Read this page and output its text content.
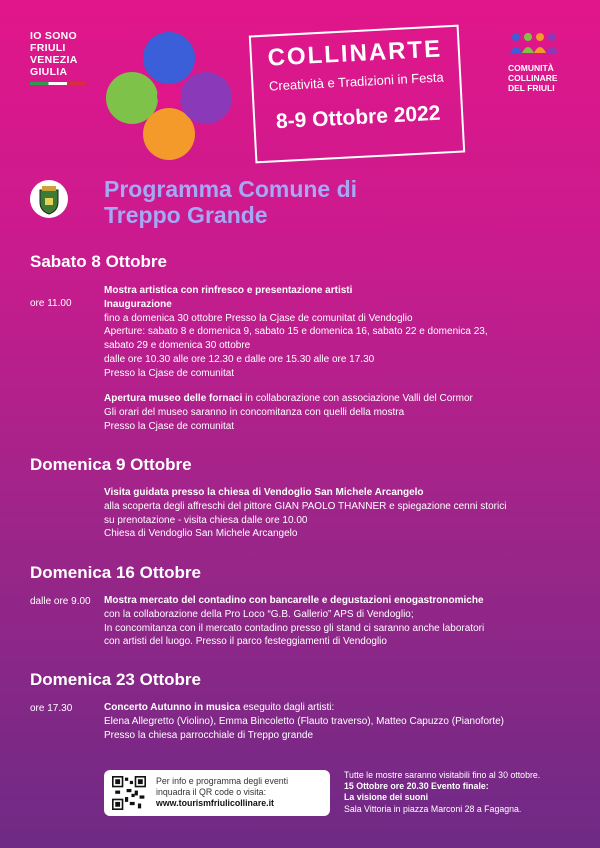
IO SONO
FRIULI
VENEZIA
GIULIA
COLLINARTE
Creatività e Tradizioni in Festa
8-9 Ottobre 2022
COMUNITÀ
COLLINARE
DEL FRIULI
Programma Comune di
Treppo Grande
Sabato 8 Ottobre
ore 11.00
Mostra artistica con rinfresco e presentazione artisti
Inaugurazione
fino a domenica 30 ottobre Presso la Cjase de comunitat di Vendoglio
Aperture: sabato 8 e domenica 9, sabato 15 e domenica 16, sabato 22 e domenica 23,
sabato 29 e domenica 30 ottobre
dalle ore 10.30 alle ore 12.30 e dalle ore 15.30 alle ore 17.30
Presso la Cjase de comunitat
Apertura museo delle fornaci in collaborazione con associazione Valli del Cormor
Gli orari del museo saranno in concomitanza con quelli della mostra
Presso la Cjase de comunitat
Domenica 9 Ottobre
Visita guidata presso la chiesa di Vendoglio San Michele Arcangelo
alla scoperta degli affreschi del pittore GIAN PAOLO THANNER e spiegazione cenni storici
su prenotazione - visita chiesa dalle ore 10.00
Chiesa di Vendoglio San Michele Arcangelo
Domenica 16 Ottobre
dalle ore 9.00 Mostra mercato del contadino con bancarelle e degustazioni enogastronomiche
con la collaborazione della Pro Loco “G.B. Gallerio” APS di Vendoglio;
In concomitanza con il mercato contadino presso gli stand ci saranno anche laboratori
con artisti del luogo. Presso il parco festeggiamenti di Vendoglio
Domenica 23 Ottobre
ore 17.30	Concerto Autunno in musica eseguito dagli artisti:
Elena Allegretto (Violino), Emma Bincoletto (Flauto traverso), Matteo Capuzzo (Pianoforte)
Presso la chiesa parrocchiale di Treppo grande
Per info e programma degli eventi
inquadra il QR code o visita:
www.tourismfriulicollinare.it
Tutte le mostre saranno visitabili fino al 30 ottobre.
15 Ottobre ore 20.30 Evento finale:
La visione dei suoni
Sala Vittoria in piazza Marconi 28 a Fagagna.
